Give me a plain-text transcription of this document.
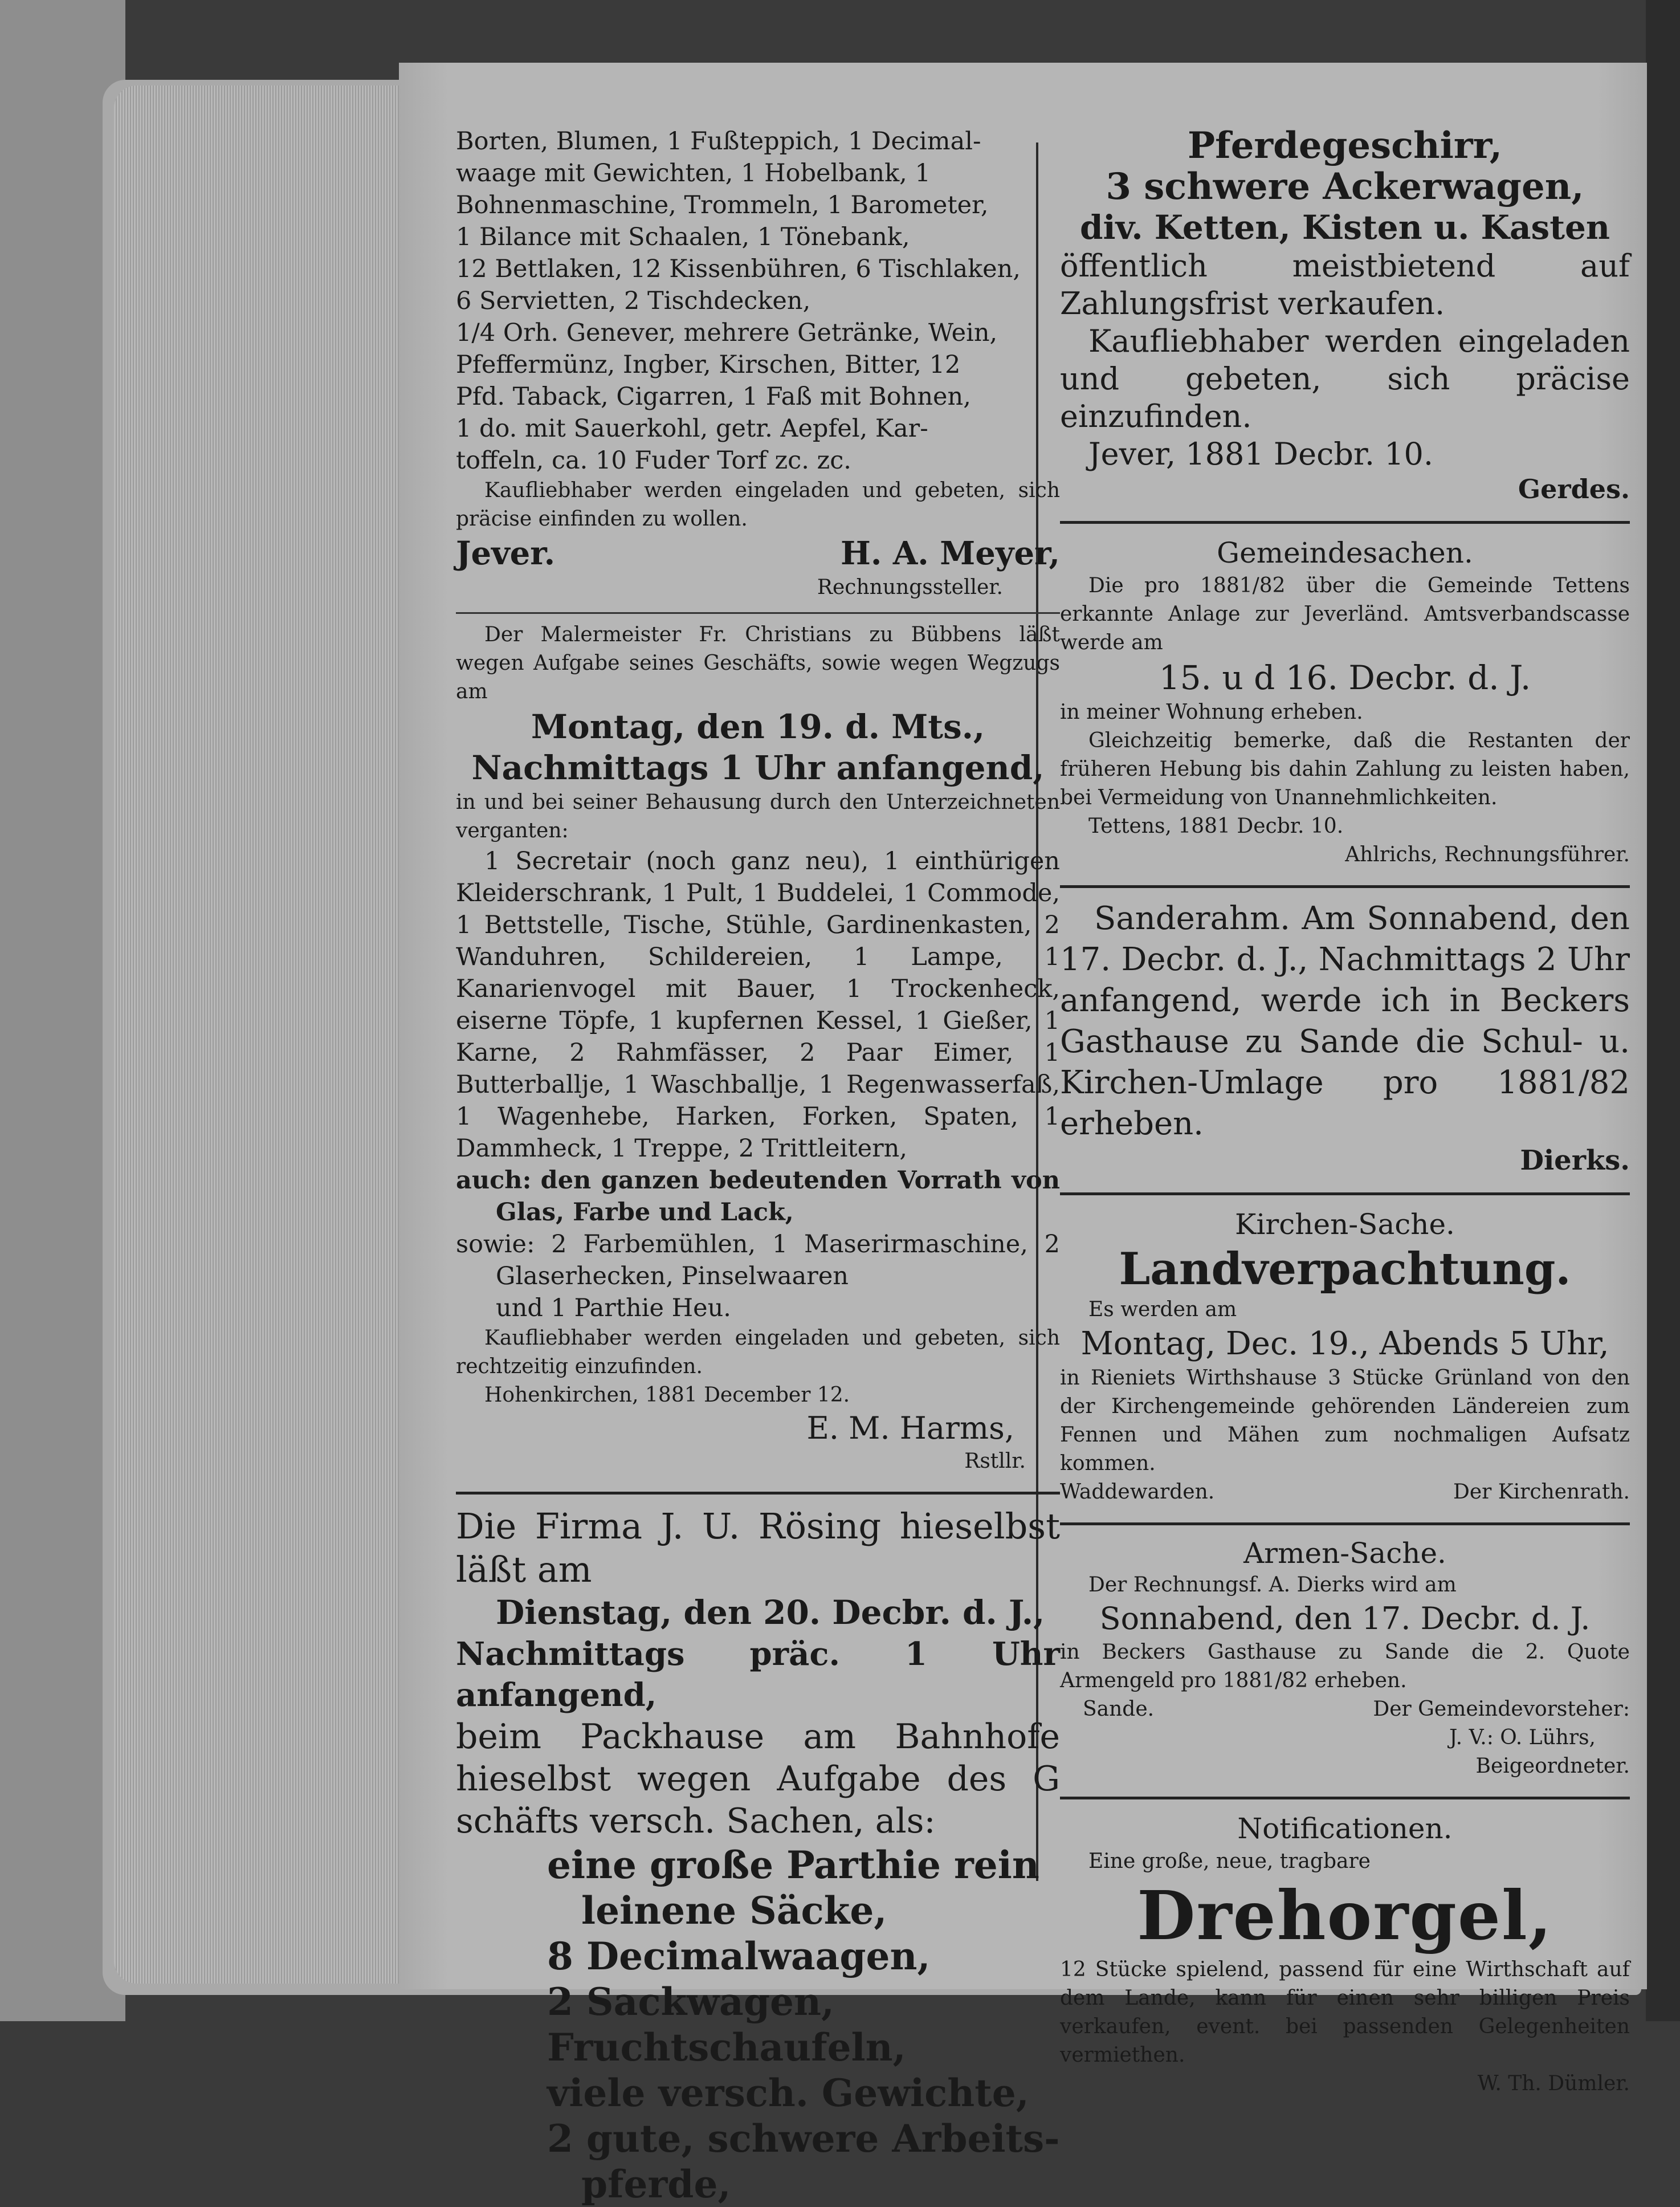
Borten, Blumen, 1 Fußteppich, 1 Decimal-

waage mit Gewichten, 1 Hobelbank, 1

Bohnenmaschine, Trommeln, 1 Barometer,

1 Bilance mit Schaalen, 1 Tönebank,

12 Bettlaken, 12 Kissenbühren, 6 Tischlaken,

6 Servietten, 2 Tischdecken,

1/4 Orh. Genever, mehrere Getränke, Wein,

Pfeffermünz, Ingber, Kirschen, Bitter, 12

Pfd. Taback, Cigarren, 1 Faß mit Bohnen,

1 do. mit Sauerkohl, getr. Aepfel, Kar-

toffeln, ca. 10 Fuder Torf zc. zc.

Kaufliebhaber werden eingeladen und gebeten, sich präcise einfinden zu wollen.

Jever.	H. A. Meyer,

Rechnungssteller.

Der Malermeister Fr. Christians zu Bübbens läßt wegen Aufgabe seines Geschäfts, sowie wegen Wegzugs am

Montag, den 19. d. Mts.,

Nachmittags 1 Uhr anfangend,

in und bei seiner Behausung durch den Unterzeichneten verganten:

1 Secretair (noch ganz neu), 1 einthürigen Kleiderschrank, 1 Pult, 1 Buddelei, 1 Commode, 1 Bettstelle, Tische, Stühle, Gardinenkasten, 2 Wanduhren, Schildereien, 1 Lampe, 1 Kanarienvogel mit Bauer, 1 Trockenheck, eiserne Töpfe, 1 kupfernen Kessel, 1 Gießer, 1 Karne, 2 Rahmfässer, 2 Paar Eimer, 1 Butterballje, 1 Waschballje, 1 Regenwasserfaß, 1 Wagenhebe, Harken, Forken, Spaten, 1 Dammheck, 1 Treppe, 2 Trittleitern,

auch: den ganzen bedeutenden Vorrath von Glas, Farbe und Lack,

sowie: 2 Farbemühlen, 1 Maserirmaschine, 2 Glaserhecken, Pinselwaaren

und 1 Parthie Heu.

Kaufliebhaber werden eingeladen und gebeten, sich rechtzeitig einzufinden.

Hohenkirchen, 1881 December 12.

E. M. Harms,

Rstllr.

Die Firma J. U. Rösing hieselbst läßt am

Dienstag, den 20. Decbr. d. J.,

Nachmittags präc. 1 Uhr anfangend,

beim Packhause am Bahnhofe hieselbst wegen Aufgabe des G schäfts versch. Sachen, als:

eine große Parthie rein

leinene Säcke,

8 Decimalwaagen,

2 Sackwagen,

Fruchtschaufeln,

viele versch. Gewichte,

2 gute, schwere Arbeits-

pferde,

Pferdegeschirr,

3 schwere Ackerwagen,

div. Ketten, Kisten u. Kasten

öffentlich meistbietend auf Zahlungsfrist verkaufen.

Kaufliebhaber werden eingeladen und gebeten, sich präcise einzufinden.

Jever, 1881 Decbr. 10.

Gerdes.

Gemeindesachen.

Die pro 1881/82 über die Gemeinde Tettens erkannte Anlage zur Jeverländ. Amtsverbandscasse werde am

15. u d 16. Decbr. d. J.

in meiner Wohnung erheben.

Gleichzeitig bemerke, daß die Restanten der früheren Hebung bis dahin Zahlung zu leisten haben, bei Vermeidung von Unannehmlichkeiten.

Tettens, 1881 Decbr. 10.

Ahlrichs, Rechnungsführer.

Sanderahm. Am Sonnabend, den 17. Decbr. d. J., Nachmittags 2 Uhr anfangend, werde ich in Beckers Gasthause zu Sande die Schul- u. Kirchen-Umlage pro 1881/82 erheben.

Dierks.

Kirchen-Sache.

Landverpachtung.

Es werden am

Montag, Dec. 19., Abends 5 Uhr,

in Rieniets Wirthshause 3 Stücke Grünland von den der Kirchengemeinde gehörenden Ländereien zum Fennen und Mähen zum nochmaligen Aufsatz kommen.

Waddewarden.	Der Kirchenrath.

Armen-Sache.

Der Rechnungsf. A. Dierks wird am

Sonnabend, den 17. Decbr. d. J.

in Beckers Gasthause zu Sande die 2. Quote Armengeld pro 1881/82 erheben.

Sande.	Der Gemeindevorsteher:

J. V.: O. Lührs,

Beigeordneter.

Notificationen.

Eine große, neue, tragbare

Drehorgel,

12 Stücke spielend, passend für eine Wirthschaft auf dem Lande, kann für einen sehr billigen Preis verkaufen, event. bei passenden Gelegenheiten vermiethen.

W. Th. Dümler.
